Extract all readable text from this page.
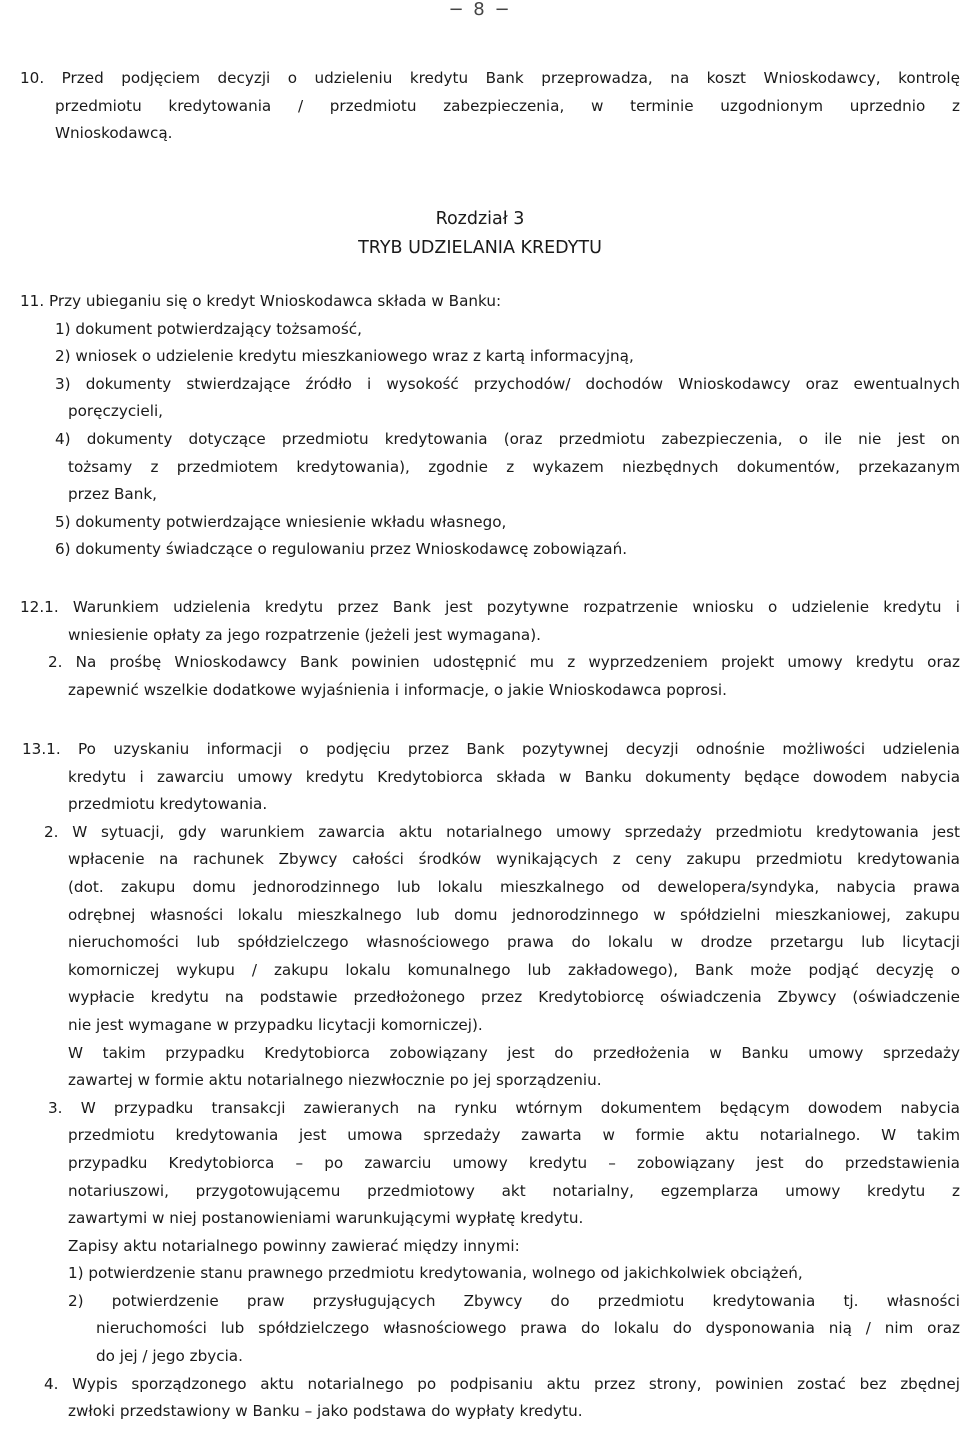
− 8 −
10. Przed podjęciem decyzji o udzieleniu kredytu Bank przeprowadza, na koszt Wnioskodawcy, kontrolę
przedmiotu kredytowania / przedmiotu zabezpieczenia, w terminie uzgodnionym uprzednio z
Wnioskodawcą.
Rozdział 3
TRYB UDZIELANIA KREDYTU
11. Przy ubieganiu się o kredyt Wnioskodawca składa w Banku:
1) dokument potwierdzający tożsamość,
2) wniosek o udzielenie kredytu mieszkaniowego wraz z kartą informacyjną,
3) dokumenty stwierdzające źródło i wysokość przychodów/ dochodów Wnioskodawcy oraz ewentualnych
poręczycieli,
4) dokumenty dotyczące przedmiotu kredytowania (oraz przedmiotu zabezpieczenia, o ile nie jest on
tożsamy z przedmiotem kredytowania), zgodnie z wykazem niezbędnych dokumentów, przekazanym
przez Bank,
5) dokumenty potwierdzające wniesienie wkładu własnego,
6) dokumenty świadczące o regulowaniu przez Wnioskodawcę zobowiązań.
12.1. Warunkiem udzielenia kredytu przez Bank jest pozytywne rozpatrzenie wniosku o udzielenie kredytu i
wniesienie opłaty za jego rozpatrzenie (jeżeli jest wymagana).
2. Na prośbę Wnioskodawcy Bank powinien udostępnić mu z wyprzedzeniem projekt umowy kredytu oraz
zapewnić wszelkie dodatkowe wyjaśnienia i informacje, o jakie Wnioskodawca poprosi.
13.1. Po uzyskaniu informacji o podjęciu przez Bank pozytywnej decyzji odnośnie możliwości udzielenia
kredytu i zawarciu umowy kredytu Kredytobiorca składa w Banku dokumenty będące dowodem nabycia
przedmiotu kredytowania.
2. W sytuacji, gdy warunkiem zawarcia aktu notarialnego umowy sprzedaży przedmiotu kredytowania jest
wpłacenie na rachunek Zbywcy całości środków wynikających z ceny zakupu przedmiotu kredytowania
(dot. zakupu domu jednorodzinnego lub lokalu mieszkalnego od dewelopera/syndyka, nabycia prawa
odrębnej własności lokalu mieszkalnego lub domu jednorodzinnego w spółdzielni mieszkaniowej, zakupu
nieruchomości lub spółdzielczego własnościowego prawa do lokalu w drodze przetargu lub licytacji
komorniczej wykupu / zakupu lokalu komunalnego lub zakładowego), Bank może podjąć decyzję o
wypłacie kredytu na podstawie przedłożonego przez Kredytobiorcę oświadczenia Zbywcy (oświadczenie
nie jest wymagane w przypadku licytacji komorniczej).
W takim przypadku Kredytobiorca zobowiązany jest do przedłożenia w Banku umowy sprzedaży
zawartej w formie aktu notarialnego niezwłocznie po jej sporządzeniu.
3. W przypadku transakcji zawieranych na rynku wtórnym dokumentem będącym dowodem nabycia
przedmiotu kredytowania jest umowa sprzedaży zawarta w formie aktu notarialnego. W takim
przypadku Kredytobiorca – po zawarciu umowy kredytu – zobowiązany jest do przedstawienia
notariuszowi, przygotowującemu przedmiotowy akt notarialny, egzemplarza umowy kredytu z
zawartymi w niej postanowieniami warunkującymi wypłatę kredytu.
Zapisy aktu notarialnego powinny zawierać między innymi:
1) potwierdzenie stanu prawnego przedmiotu kredytowania, wolnego od jakichkolwiek obciążeń,
2) potwierdzenie praw przysługujących Zbywcy do przedmiotu kredytowania tj. własności
nieruchomości lub spółdzielczego własnościowego prawa do lokalu do dysponowania nią / nim oraz
do jej / jego zbycia.
4. Wypis sporządzonego aktu notarialnego po podpisaniu aktu przez strony, powinien zostać bez zbędnej
zwłoki przedstawiony w Banku – jako podstawa do wypłaty kredytu.
